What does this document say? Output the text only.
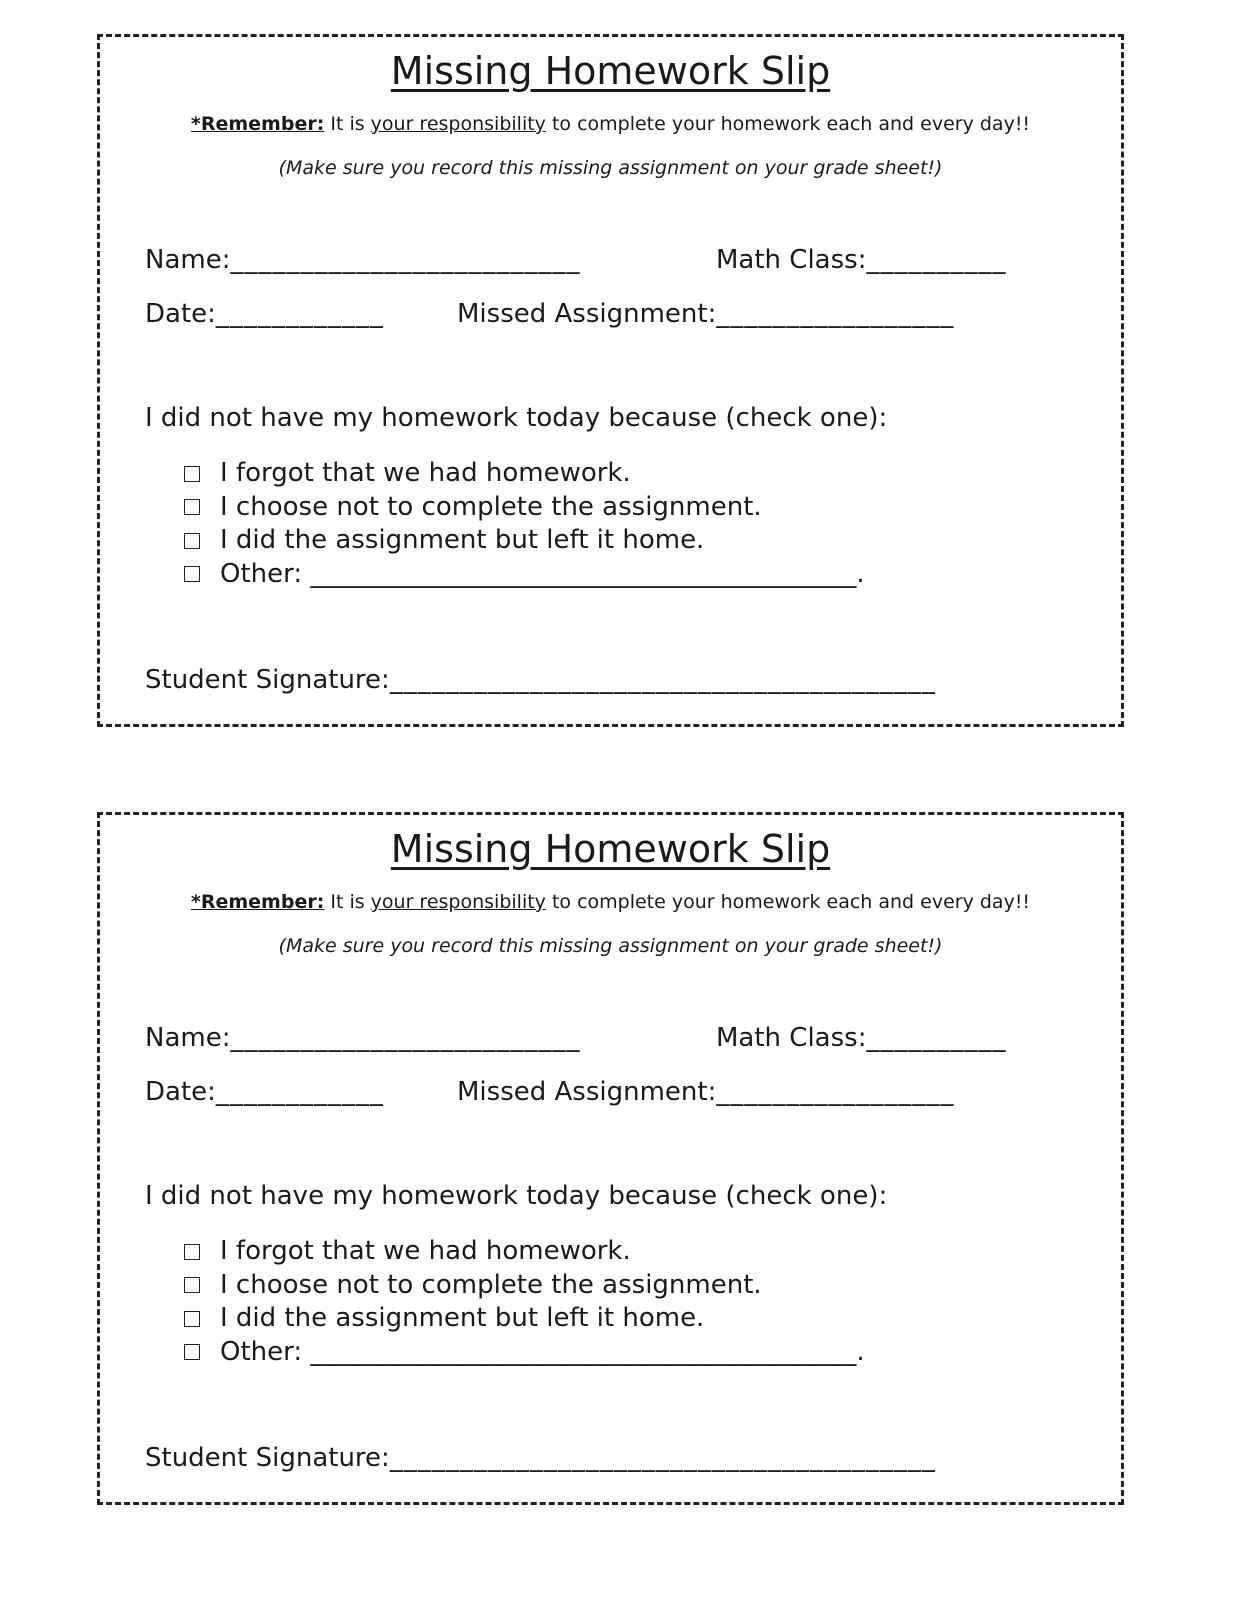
Missing Homework Slip
*Remember: It is your responsibility to complete your homework each and every day!!
(Make sure you record this missing assignment on your grade sheet!)
Name:_________________________	Math Class:__________
Date:____________	Missed Assignment:_________________
I did not have my homework today because (check one):
I forgot that we had homework.
I choose not to complete the assignment.
I did the assignment but left it home.
Other: __________________________________________.
Student Signature:_______________________________________
Missing Homework Slip
*Remember: It is your responsibility to complete your homework each and every day!!
(Make sure you record this missing assignment on your grade sheet!)
Name:_________________________	Math Class:__________
Date:____________	Missed Assignment:_________________
I did not have my homework today because (check one):
I forgot that we had homework.
I choose not to complete the assignment.
I did the assignment but left it home.
Other: __________________________________________.
Student Signature:_______________________________________
